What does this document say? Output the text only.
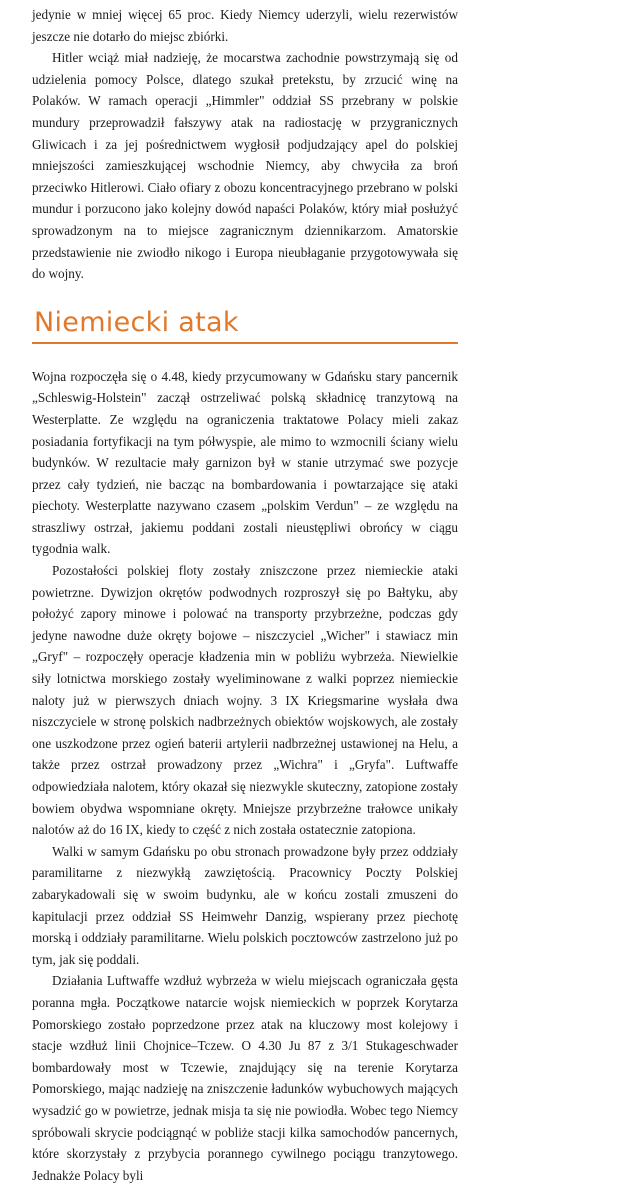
jedynie w mniej więcej 65 proc. Kiedy Niemcy uderzyli, wielu rezerwistów jeszcze nie dotarło do miejsc zbiórki.

Hitler wciąż miał nadzieję, że mocarstwa zachodnie powstrzymają się od udzielenia pomocy Polsce, dlatego szukał pretekstu, by zrzucić winę na Polaków. W ramach operacji „Himmler" oddział SS przebrany w polskie mundury przeprowadził fałszywy atak na radiostację w przygranicznych Gliwicach i za jej pośrednictwem wygłosił podjudzający apel do polskiej mniejszości zamieszkującej wschodnie Niemcy, aby chwyciła za broń przeciwko Hitlerowi. Ciało ofiary z obozu koncentracyjnego przebrano w polski mundur i porzucono jako kolejny dowód napaści Polaków, który miał posłużyć sprowadzonym na to miejsce zagranicznym dziennikarzom. Amatorskie przedstawienie nie zwiodło nikogo i Europa nieubłaganie przygotowywała się do wojny.

Niemiecki atak

Wojna rozpoczęła się o 4.48, kiedy przycumowany w Gdańsku stary pancernik „Schleswig-Holstein" zaczął ostrzeliwać polską składnicę tranzytową na Westerplatte. Ze względu na ograniczenia traktatowe Polacy mieli zakaz posiadania fortyfikacji na tym półwyspie, ale mimo to wzmocnili ściany wielu budynków. W rezultacie mały garnizon był w stanie utrzymać swe pozycje przez cały tydzień, nie bacząc na bombardowania i powtarzające się ataki piechoty. Westerplatte nazywano czasem „polskim Verdun" – ze względu na straszliwy ostrzał, jakiemu poddani zostali nieustępliwi obrońcy w ciągu tygodnia walk.

Pozostałości polskiej floty zostały zniszczone przez niemieckie ataki powietrzne. Dywizjon okrętów podwodnych rozproszył się po Bałtyku, aby położyć zapory minowe i polować na transporty przybrzeżne, podczas gdy jedyne nawodne duże okręty bojowe – niszczyciel „Wicher" i stawiacz min „Gryf" – rozpoczęły operacje kładzenia min w pobliżu wybrzeża. Niewielkie siły lotnictwa morskiego zostały wyeliminowane z walki poprzez niemieckie naloty już w pierwszych dniach wojny. 3 IX Kriegsmarine wysłała dwa niszczyciele w stronę polskich nadbrzeżnych obiektów wojskowych, ale zostały one uszkodzone przez ogień baterii artylerii nadbrzeżnej ustawionej na Helu, a także przez ostrzał prowadzony przez „Wichra" i „Gryfa". Luftwaffe odpowiedziała nalotem, który okazał się niezwykle skuteczny, zatopione zostały bowiem obydwa wspomniane okręty. Mniejsze przybrzeżne trałowce unikały nalotów aż do 16 IX, kiedy to część z nich została ostatecznie zatopiona.

Walki w samym Gdańsku po obu stronach prowadzone były przez oddziały paramilitarne z niezwykłą zawziętością. Pracownicy Poczty Polskiej zabarykadowali się w swoim budynku, ale w końcu zostali zmuszeni do kapitulacji przez oddział SS Heimwehr Danzig, wspierany przez piechotę morską i oddziały paramilitarne. Wielu polskich pocztowców zastrzelono już po tym, jak się poddali.

Działania Luftwaffe wzdłuż wybrzeża w wielu miejscach ograniczała gęsta poranna mgła. Początkowe natarcie wojsk niemieckich w poprzek Korytarza Pomorskiego zostało poprzedzone przez atak na kluczowy most kolejowy i stacje wzdłuż linii Chojnice–Tczew. O 4.30 Ju 87 z 3/1 Stukageschwader bombardowały most w Tczewie, znajdujący się na terenie Korytarza Pomorskiego, mając nadzieję na zniszczenie ładunków wybuchowych mających wysadzić go w powietrze, jednak misja ta się nie powiodła. Wobec tego Niemcy spróbowali skrycie podciągnąć w pobliże stacji kilka samochodów pancernych, które skorzystały z przybycia porannego cywilnego pociągu tranzytowego. Jednakże Polacy byli
